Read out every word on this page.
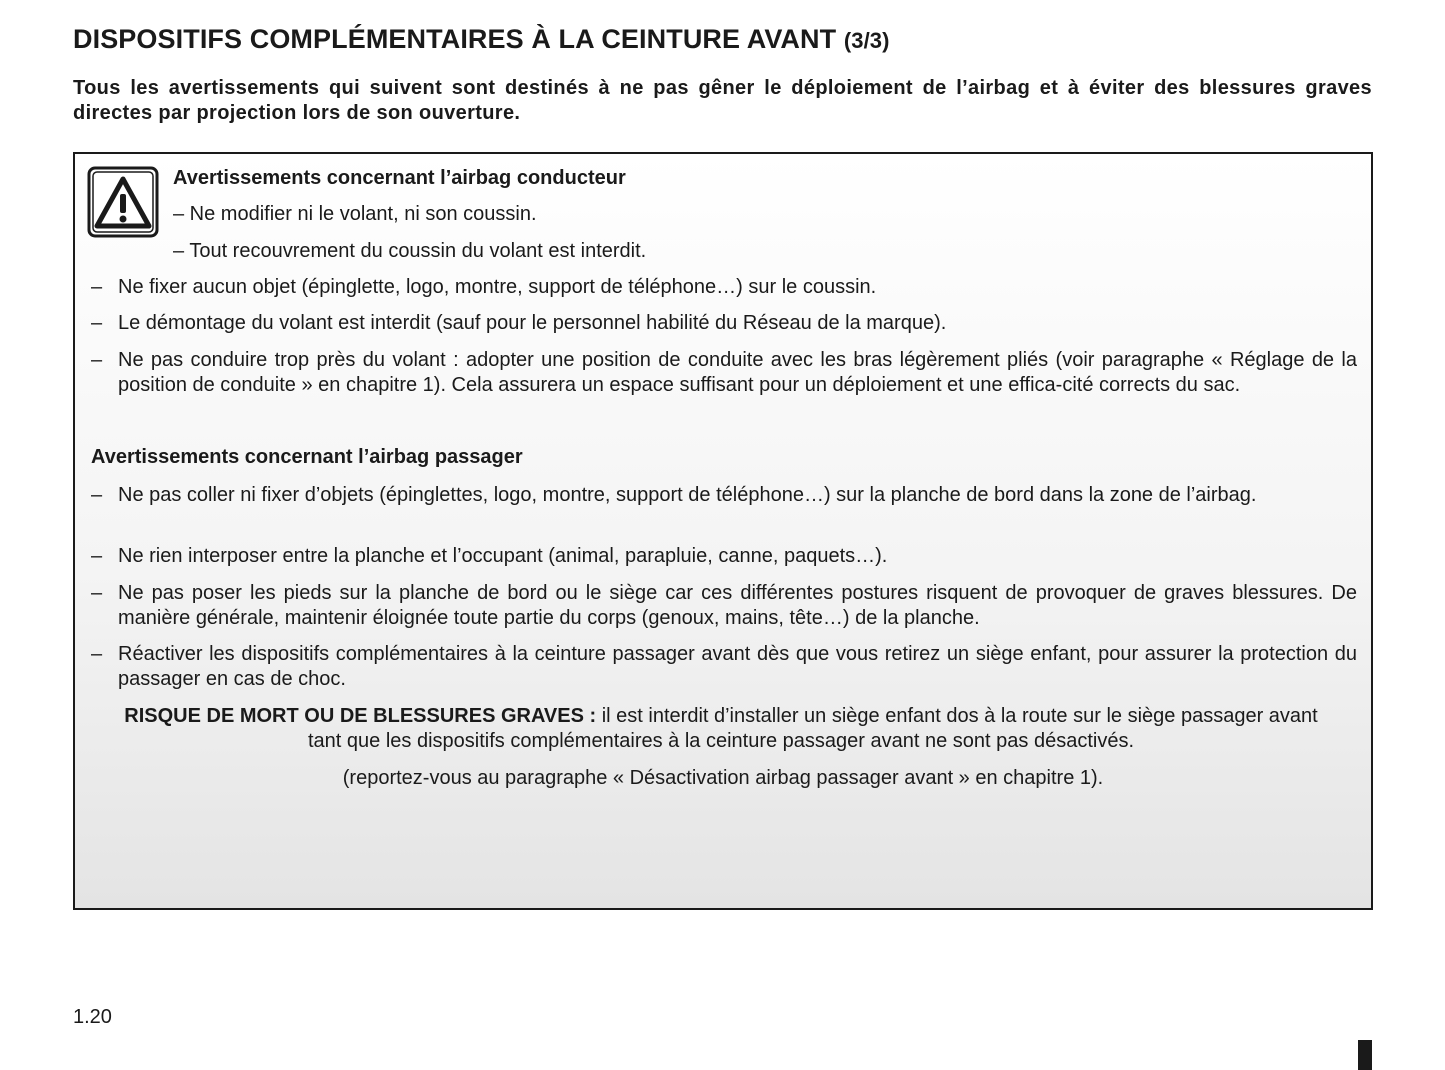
DISPOSITIFS COMPLÉMENTAIRES À LA CEINTURE AVANT (3/3)

Tous les avertissements qui suivent sont destinés à ne pas gêner le déploiement de l’airbag et à éviter des blessures graves directes par projection lors de son ouverture.

Avertissements concernant l’airbag conducteur

– Ne modifier ni le volant, ni son coussin.

– Tout recouvrement du coussin du volant est interdit.

– Ne fixer aucun objet (épinglette, logo, montre, support de téléphone…) sur le coussin.
– Le démontage du volant est interdit (sauf pour le personnel habilité du Réseau de la marque).
– Ne pas conduire trop près du volant : adopter une position de conduite avec les bras légèrement pliés (voir paragraphe « Réglage de la position de conduite » en chapitre 1). Cela assurera un espace suffisant pour un déploiement et une effica-cité corrects du sac.
Avertissements concernant l’airbag passager
– Ne pas coller ni fixer d’objets (épinglettes, logo, montre, support de téléphone…) sur la planche de bord dans la zone de l’airbag.
– Ne rien interposer entre la planche et l’occupant (animal, parapluie, canne, paquets…).
– Ne pas poser les pieds sur la planche de bord ou le siège car ces différentes postures risquent de provoquer de graves blessures. De manière générale, maintenir éloignée toute partie du corps (genoux, mains, tête…) de la planche.
– Réactiver les dispositifs complémentaires à la ceinture passager avant dès que vous retirez un siège enfant, pour assurer la protection du passager en cas de choc.

RISQUE DE MORT OU DE BLESSURES GRAVES : il est interdit d’installer un siège enfant dos à la route sur le siège passager avant tant que les dispositifs complémentaires à la ceinture passager avant ne sont pas désactivés.

(reportez-vous au paragraphe « Désactivation airbag passager avant » en chapitre 1).

1.20
